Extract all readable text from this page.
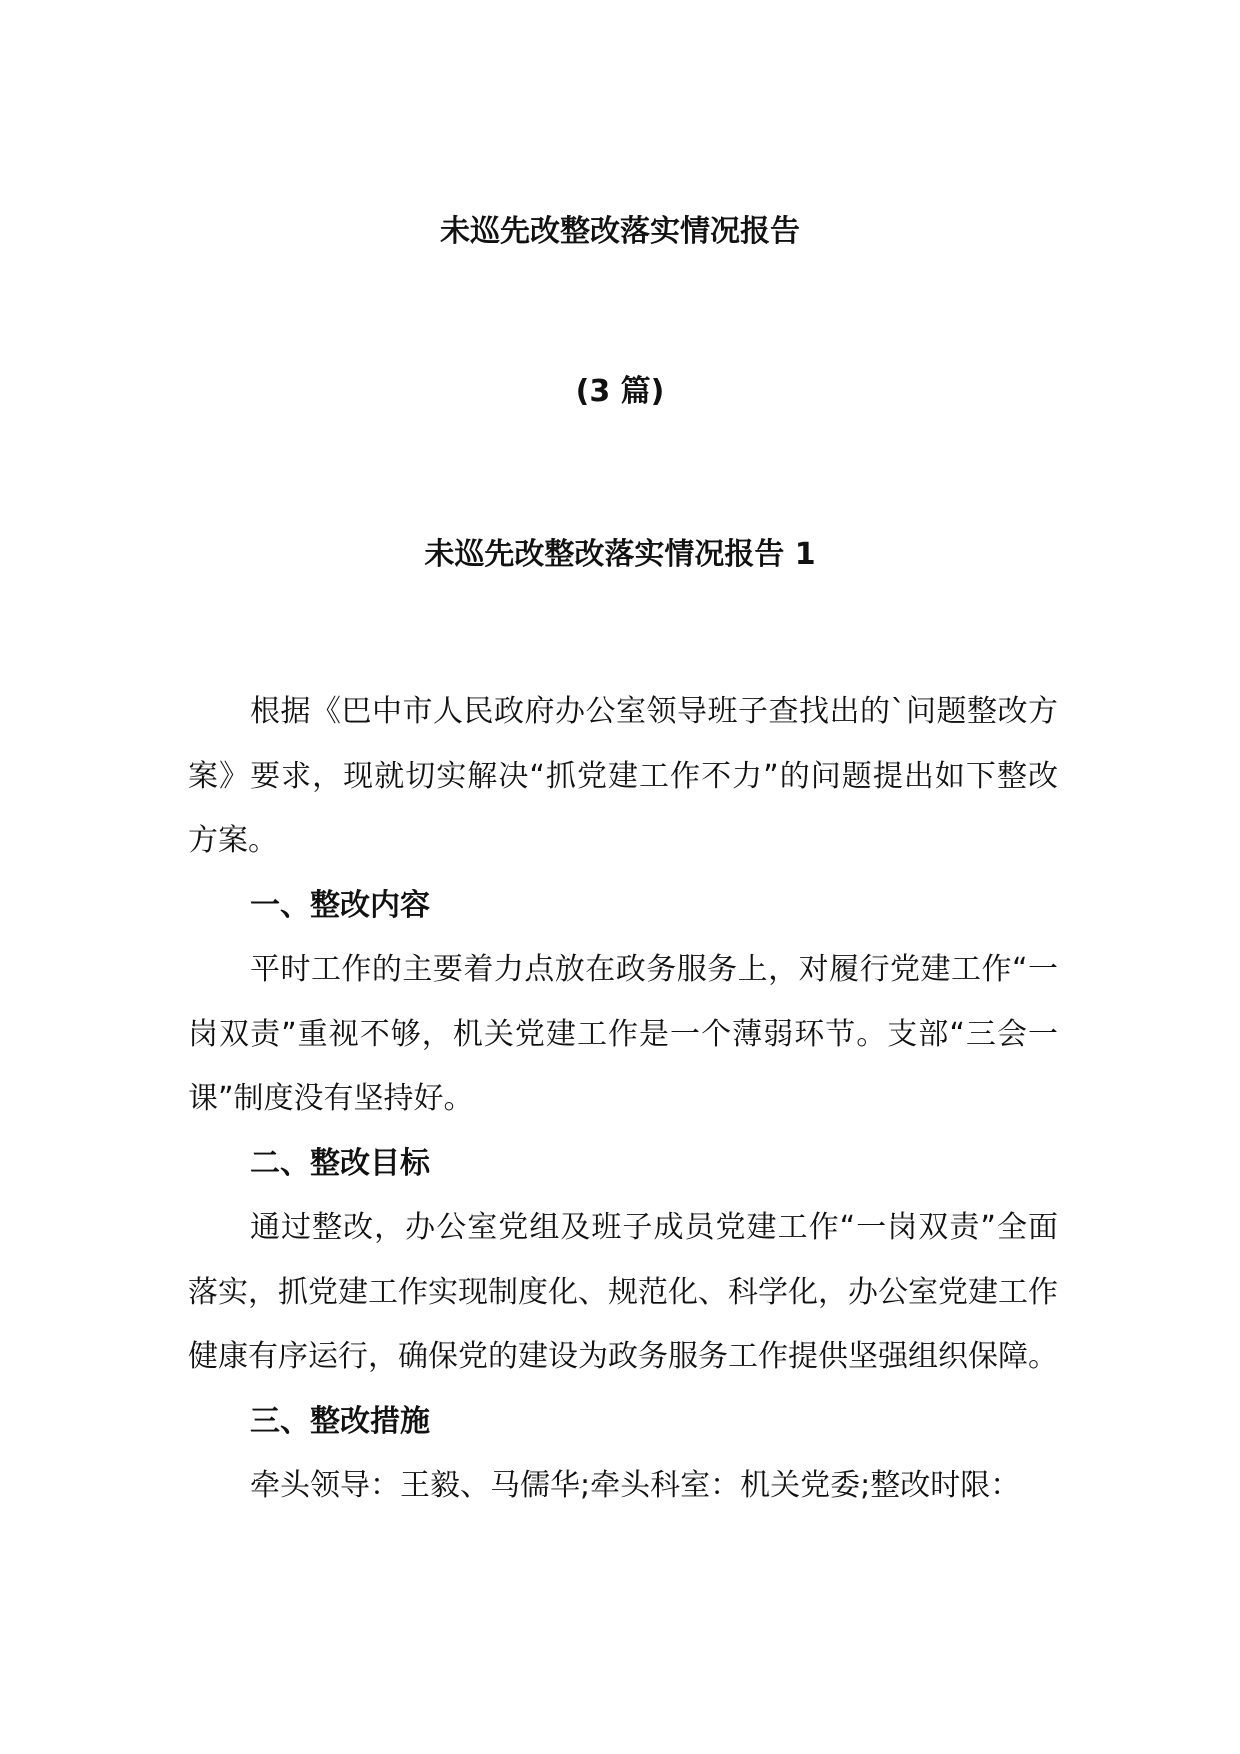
未巡先改整改落实情况报告
(3 篇)
未巡先改整改落实情况报告 1

根据《巴中市人民政府办公室领导班子查找出的`问题整改方案》要求，现就切实解决“抓党建工作不力”的问题提出如下整改方案。

一、整改内容

平时工作的主要着力点放在政务服务上，对履行党建工作“一岗双责”重视不够，机关党建工作是一个薄弱环节。支部“三会一课”制度没有坚持好。

二、整改目标

通过整改，办公室党组及班子成员党建工作“一岗双责”全面落实，抓党建工作实现制度化、规范化、科学化，办公室党建工作健康有序运行，确保党的建设为政务服务工作提供坚强组织保障。

三、整改措施

牵头领导：王毅、马儒华;牵头科室：机关党委;整改时限：
